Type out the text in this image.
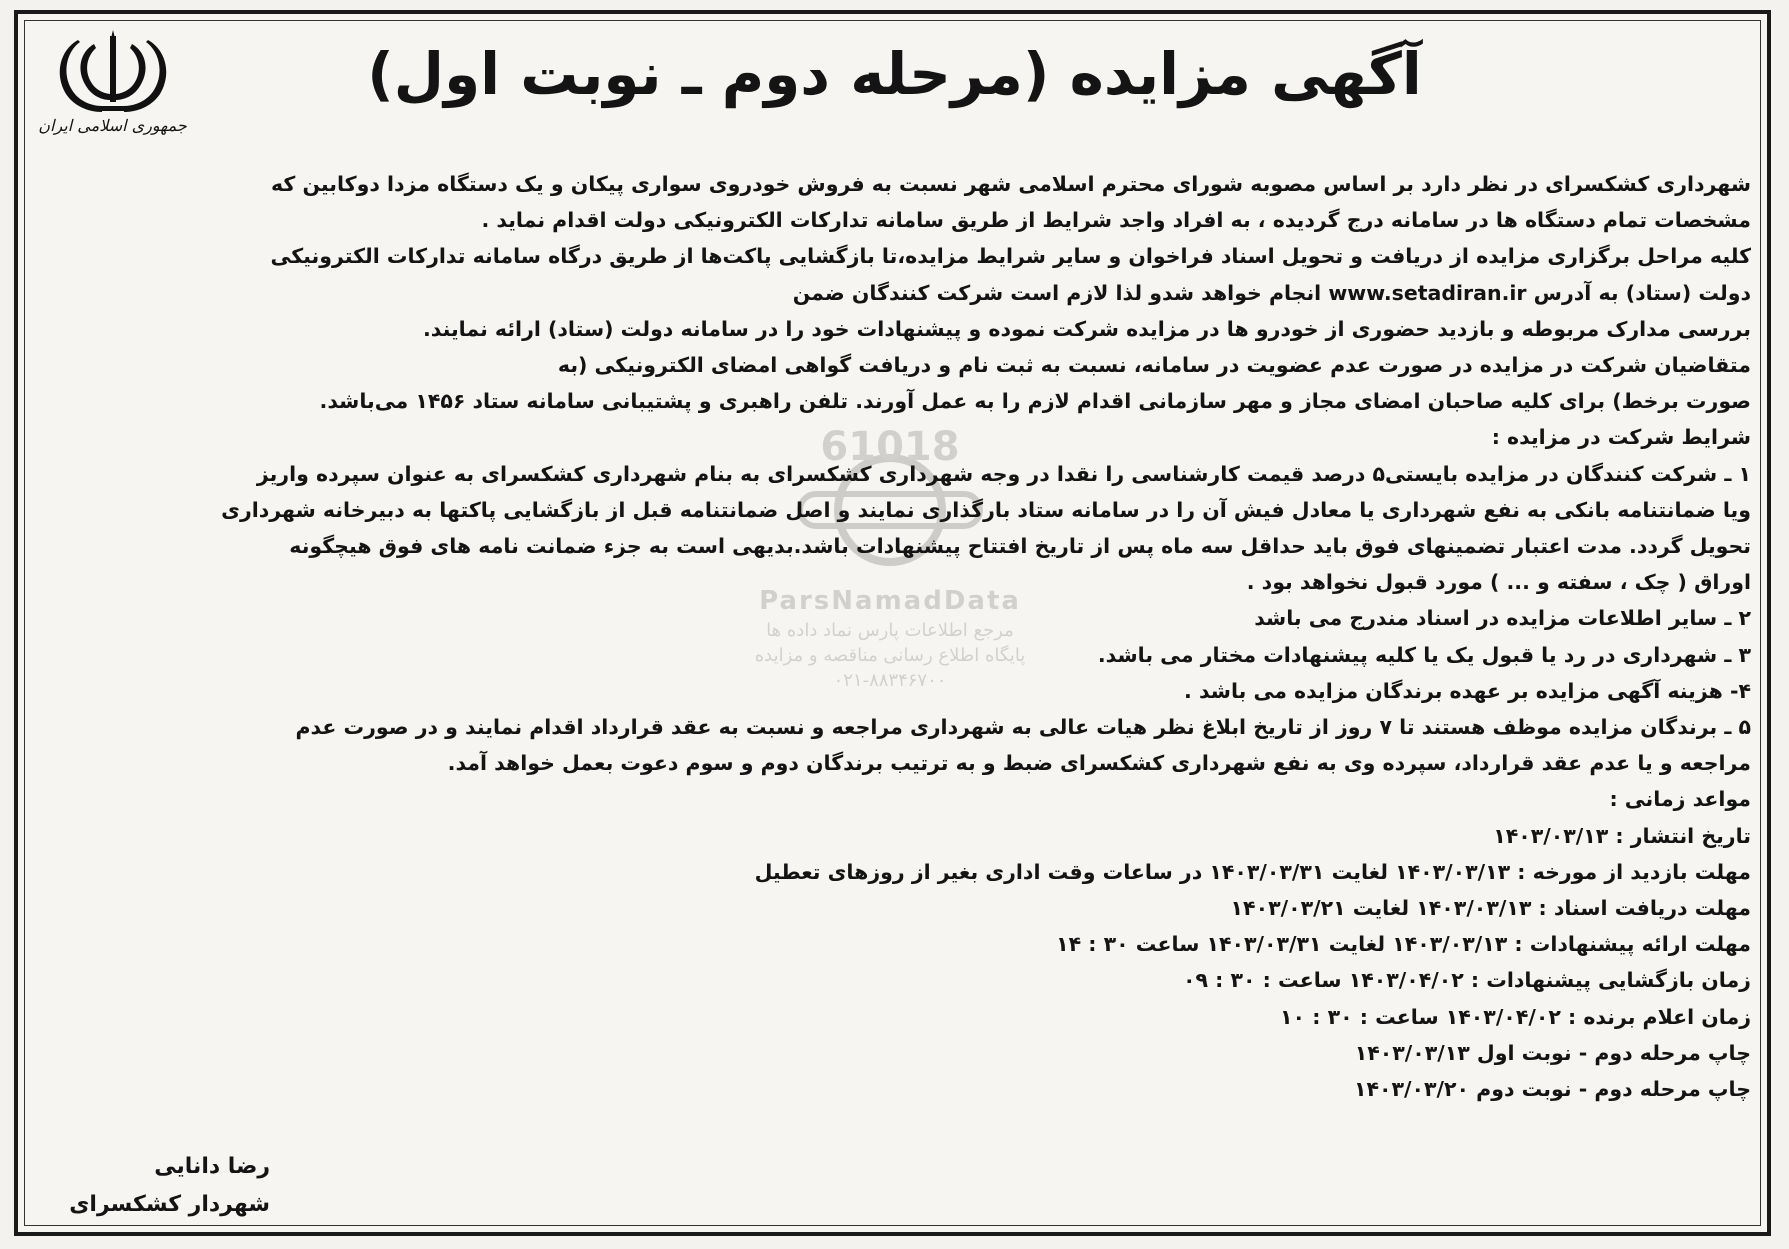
جمهوری اسلامی ایران
آگهی مزایده (مرحله دوم ـ نوبت اول)
شهرداری کشکسرای در نظر دارد بر اساس مصوبه شورای محترم اسلامی شهر نسبت به فروش خودروی سواری پیکان و یک دستگاه مزدا دوکابین که
مشخصات تمام دستگاه ها در سامانه درج گردیده ، به افراد واجد شرایط از طریق سامانه تدارکات الکترونیکی دولت اقدام نماید .
کلیه مراحل برگزاری مزایده از دریافت و تحویل اسناد فراخوان و سایر شرایط مزایده،تا بازگشایی پاکت‌ها از طریق درگاه سامانه تدارکات الکترونیکی
دولت (ستاد) به آدرس www.setadiran.ir انجام خواهد شدو لذا لازم است شرکت کنندگان ضمن
بررسی مدارک مربوطه و بازدید حضوری از خودرو ها در مزایده شرکت نموده و پیشنهادات خود را در سامانه دولت (ستاد) ارائه نمایند.
متقاضیان شرکت در مزایده در صورت عدم عضویت در سامانه، نسبت به ثبت نام و دریافت گواهی امضای الکترونیکی (به
صورت برخط) برای کلیه صاحبان امضای مجاز و مهر سازمانی اقدام لازم را به عمل آورند. تلفن راهبری و پشتیبانی سامانه ستاد ۱۴۵۶ می‌باشد.
شرایط شرکت در مزایده :
۱ ـ شرکت کنندگان در مزایده بایستی۵ درصد قیمت کارشناسی را نقدا در وجه شهرداری کشکسرای به بنام شهرداری کشکسرای به عنوان سپرده واریز
ویا ضمانتنامه بانکی به نفع شهرداری یا معادل فیش آن را در سامانه ستاد بارگذاری نمایند و اصل ضمانتنامه قبل از بازگشایی پاکتها به دبیرخانه شهرداری
تحویل گردد. مدت اعتبار تضمینهای فوق باید حداقل سه ماه پس از تاریخ افتتاح پیشنهادات باشد.بدیهی است به جزء ضمانت نامه های فوق هیچگونه
اوراق ( چک ، سفته و ... ) مورد قبول نخواهد بود .
۲ ـ سایر اطلاعات مزایده در اسناد مندرج می باشد
۳ ـ شهرداری در رد یا قبول یک یا کلیه پیشنهادات مختار می باشد.
۴- هزینه آگهی مزایده بر عهده برندگان مزایده می باشد .
۵ ـ برندگان مزایده موظف هستند تا ۷ روز از تاریخ ابلاغ نظر هیات عالی به شهرداری مراجعه و نسبت به عقد قرارداد اقدام نمایند و در صورت عدم
مراجعه و یا عدم عقد قرارداد، سپرده وی به نفع شهرداری کشکسرای ضبط و به ترتیب برندگان دوم و سوم دعوت بعمل خواهد آمد.
مواعد زمانی :
تاریخ انتشار : ۱۴۰۳/۰۳/۱۳
مهلت بازدید از مورخه : ۱۴۰۳/۰۳/۱۳ لغایت ۱۴۰۳/۰۳/۳۱ در ساعات وقت اداری بغیر از روزهای تعطیل
مهلت دریافت اسناد : ۱۴۰۳/۰۳/۱۳ لغایت ۱۴۰۳/۰۳/۲۱
مهلت ارائه پیشنهادات : ۱۴۰۳/۰۳/۱۳ لغایت ۱۴۰۳/۰۳/۳۱ ساعت ۳۰ : ۱۴
زمان بازگشایی پیشنهادات : ۱۴۰۳/۰۴/۰۲ ساعت : ۳۰ : ۰۹
زمان اعلام برنده : ۱۴۰۳/۰۴/۰۲ ساعت : ۳۰ : ۱۰
چاپ مرحله دوم - نوبت اول ۱۴۰۳/۰۳/۱۳
چاپ مرحله دوم - نوبت دوم ۱۴۰۳/۰۳/۲۰
رضا دانایی
شهردار کشکسرای
